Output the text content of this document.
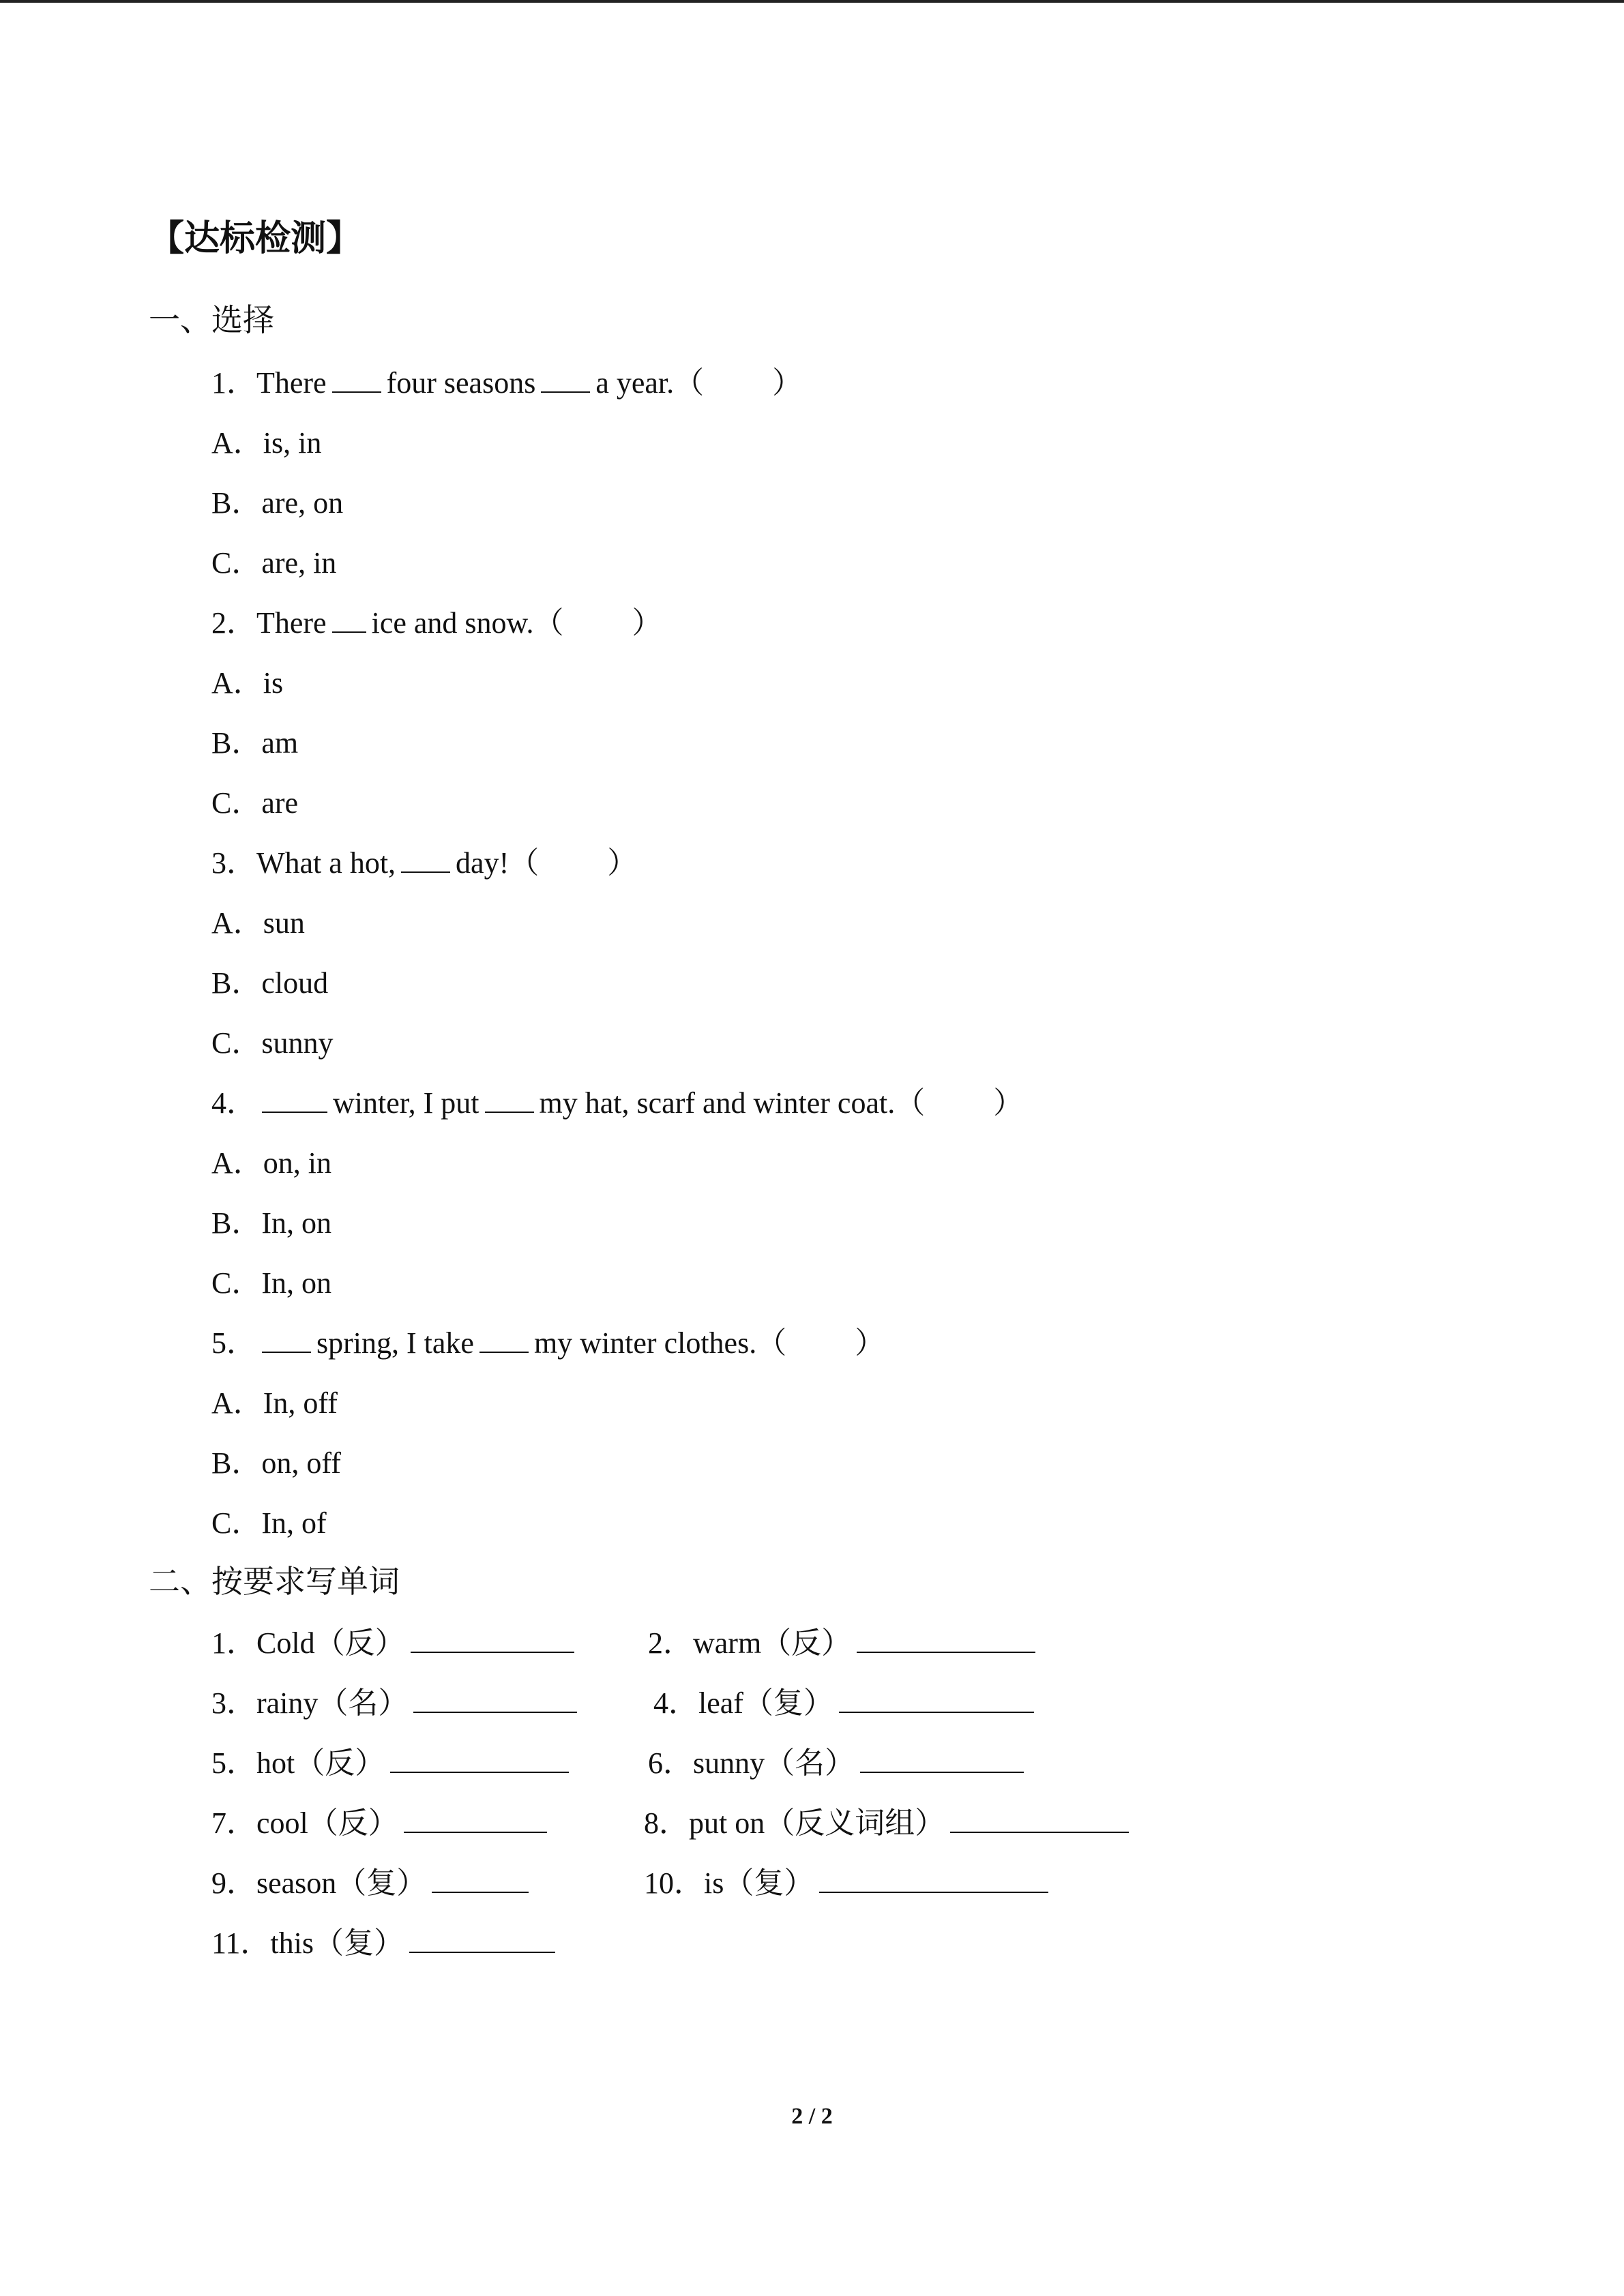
【达标检测】
一、选择
1．There four seasons a year.（ ）
A．is, in
B．are, on
C．are, in
2．There ice and snow.（ ）
A．is
B．am
C．are
3．What a hot, day!（ ）
A．sun
B．cloud
C．sunny
4．	winter, I put my hat, scarf and winter coat.（ ）
A．on, in
B．In, on
C．In, on
5． spring, I take my winter clothes.（ ）
A．In, off
B．on, off
C．In, of
二、按要求写单词
1．Cold（反）	2．warm（反）
3．rainy（名）	4．leaf（复）
5．hot（反）	6．sunny（名）
7．cool（反）	8．put on（反义词组）
9．season（复）	10．is（复）
11．this（复）
2 / 2
